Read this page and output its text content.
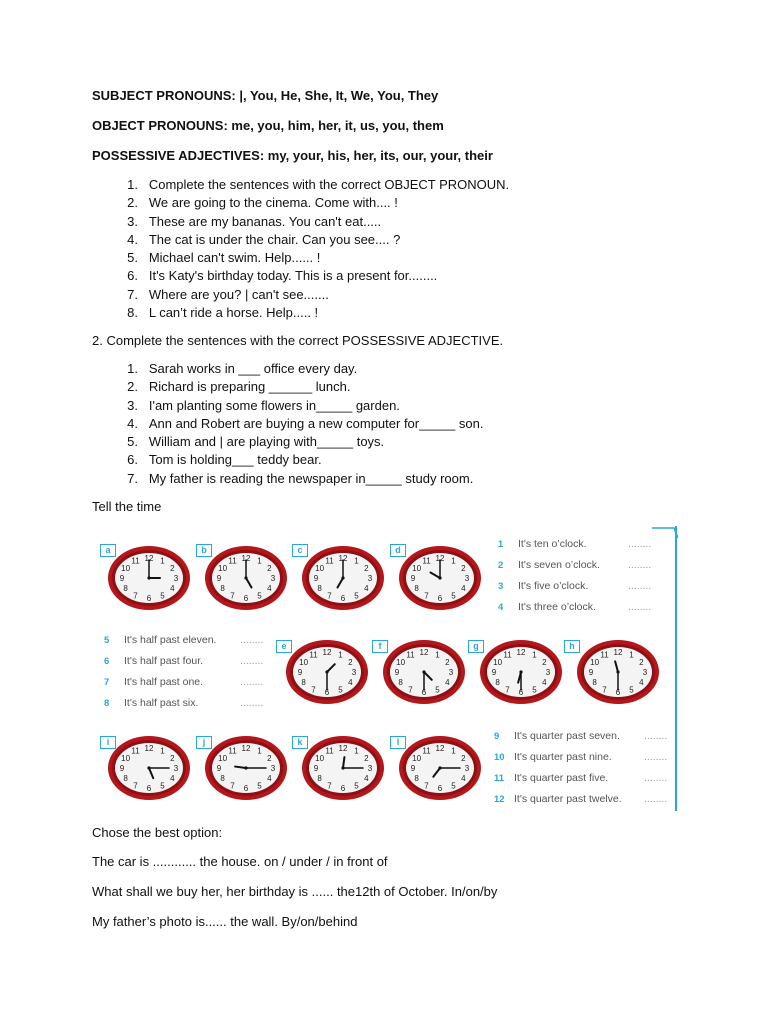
SUBJECT PRONOUNS: |, You, He, She, It, We, You, They
OBJECT PRONOUNS: me, you, him, her, it, us, you, them
POSSESSIVE ADJECTIVES: my, your, his, her, its, our, your, their
1. Complete the sentences with the correct OBJECT PRONOUN.
2. We are going to the cinema. Come with.... !
3. These are my bananas. You can't eat.....
4. The cat is under the chair. Can you see.... ?
5. Michael can't swim. Help...... !
6. It's Katy's birthday today. This is a present for........
7. Where are you? | can't see.......
8. L can’t ride a horse. Help..... !
2. Complete the sentences with the correct POSSESSIVE ADJECTIVE.
1. Sarah works in ___ office every day.
2. Richard is preparing ______ lunch.
3. I'am planting some flowers in_____ garden.
4. Ann and Robert are buying a new computer for_____ son.
5. William and | are playing with_____ toys.
6. Tom is holding___ teddy bear.
7. My father is reading the newspaper in_____ study room.
Tell the time
1
2
3
4
5
6
7
8
9
10
11 12
a
1
2
3
4
5
6
7
8
9
10
11 12
b
1
2
3
4
5
6
7
8
9
10
11 12
c
1
2
3
4
5
6
7
8
9
10
11 12
d
1
2
3
4
5
6
7
8
9
10
11 12
e
1
2
3
4
5
6
7
8
9
10
11 12
f
1
2
3
4
5
6
7
8
9
10
11 12
g
1
2
3
4
5
6
7
8
9
10
11 12
h
1
2
3
4
5
6
7
8
9
10
11 12
i
1
2
3
4
5
6
7
8
9
10
11 12
j
1
2
3
4
5
6
7
8
9
10
11 12
k
1
2
3
4
5
6
7
8
9
10
11 12
l
1 It's ten o’clock.	........
2 It's seven o’clock.	........
3 It's five o’clock.	........
4 It's three o’clock.	........
5 It's half past eleven. ........
6 It's half past four.	........
7 It's half past one.	........
8 It's half past six.	........
9 It's quarter past seven. ........
10 It's quarter past nine.	........
11 It's quarter past five.	........
12 It's quarter past twelve. ........
Chose the best option:
The car is ............ the house. on / under / in front of
What shall we buy her, her birthday is ...... the12th of October. In/on/by
My father’s photo is...... the wall. By/on/behind
